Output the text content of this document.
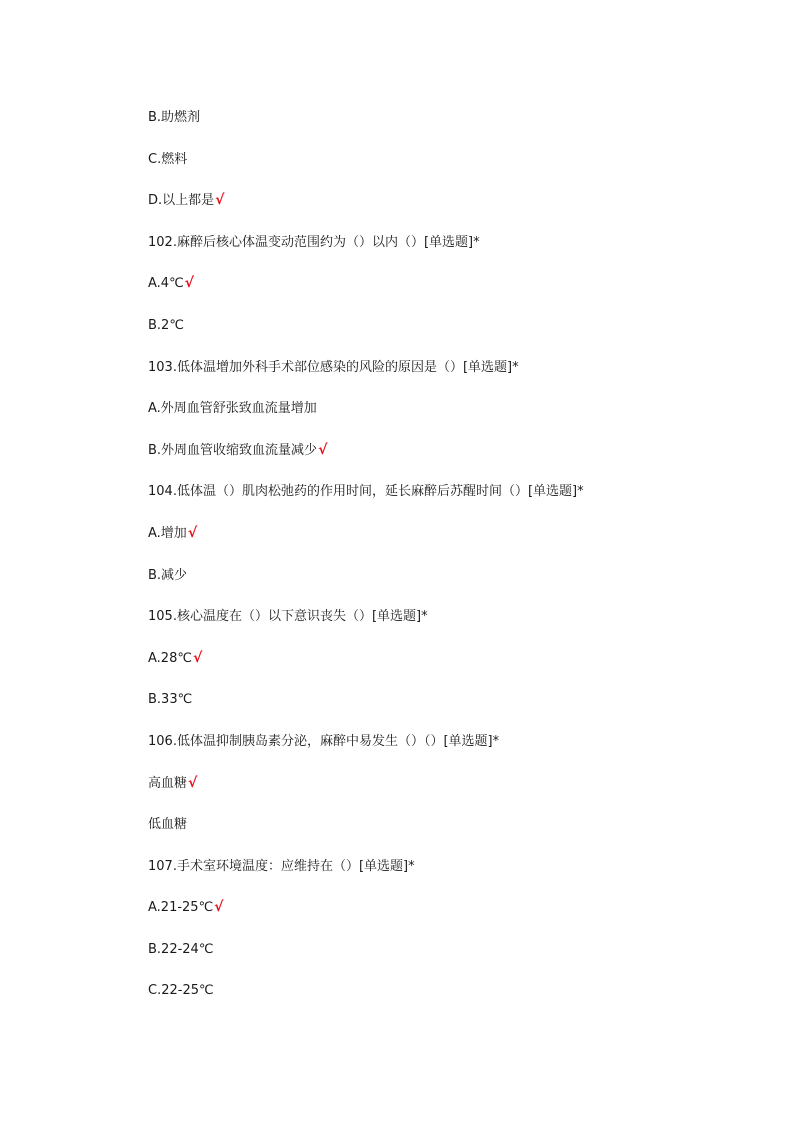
B.助燃剂
C.燃料
D.以上都是 √
102.麻醉后核心体温变动范围约为（）以内（）[单选题]*
A.4℃ √
B.2℃
103.低体温增加外科手术部位感染的风险的原因是（）[单选题]*
A.外周血管舒张致血流量增加
B.外周血管收缩致血流量减少 √
104.低体温（）肌肉松弛药的作用时间，延长麻醉后苏醒时间（）[单选题]*
A.增加 √
B.减少
105.核心温度在（）以下意识丧失（）[单选题]*
A.28℃ √
B.33℃
106.低体温抑制胰岛素分泌，麻醉中易发生（）（）[单选题]*
高血糖 √
低血糖
107.手术室环境温度：应维持在（）[单选题]*
A.21-25℃ √
B.22-24℃
C.22-25℃
